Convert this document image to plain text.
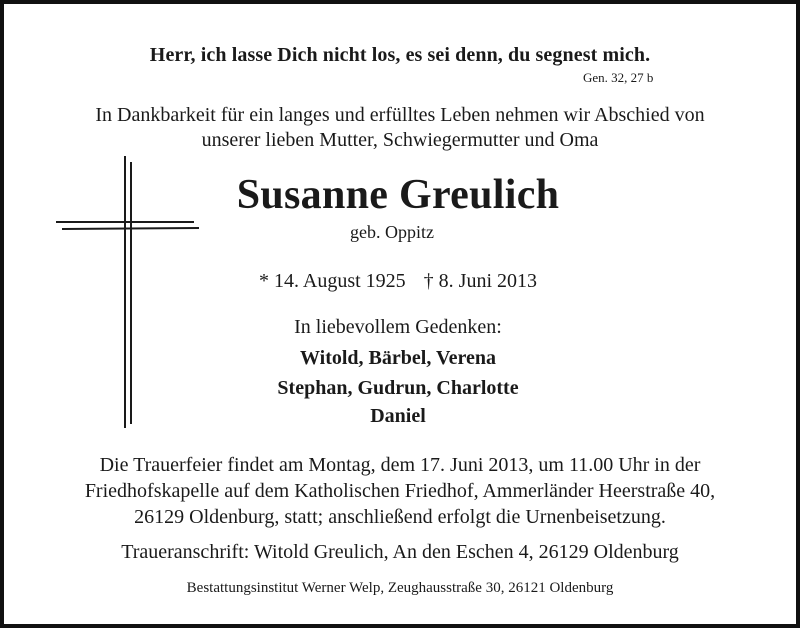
Herr, ich lasse Dich nicht los, es sei denn, du segnest mich.
Gen. 32, 27 b
In Dankbarkeit für ein langes und erfülltes Leben nehmen wir Abschied von
unserer lieben Mutter, Schwiegermutter und Oma
Susanne Greulich
geb. Oppitz
* 14. August 1925 † 8. Juni 2013
In liebevollem Gedenken:
Witold, Bärbel, Verena
Stephan, Gudrun, Charlotte
Daniel
Die Trauerfeier findet am Montag, dem 17. Juni 2013, um 11.00 Uhr in der
Friedhofskapelle auf dem Katholischen Friedhof, Ammerländer Heerstraße 40,
26129 Oldenburg, statt; anschließend erfolgt die Urnenbeisetzung.
Traueranschrift: Witold Greulich, An den Eschen 4, 26129 Oldenburg
Bestattungsinstitut Werner Welp, Zeughausstraße 30, 26121 Oldenburg
